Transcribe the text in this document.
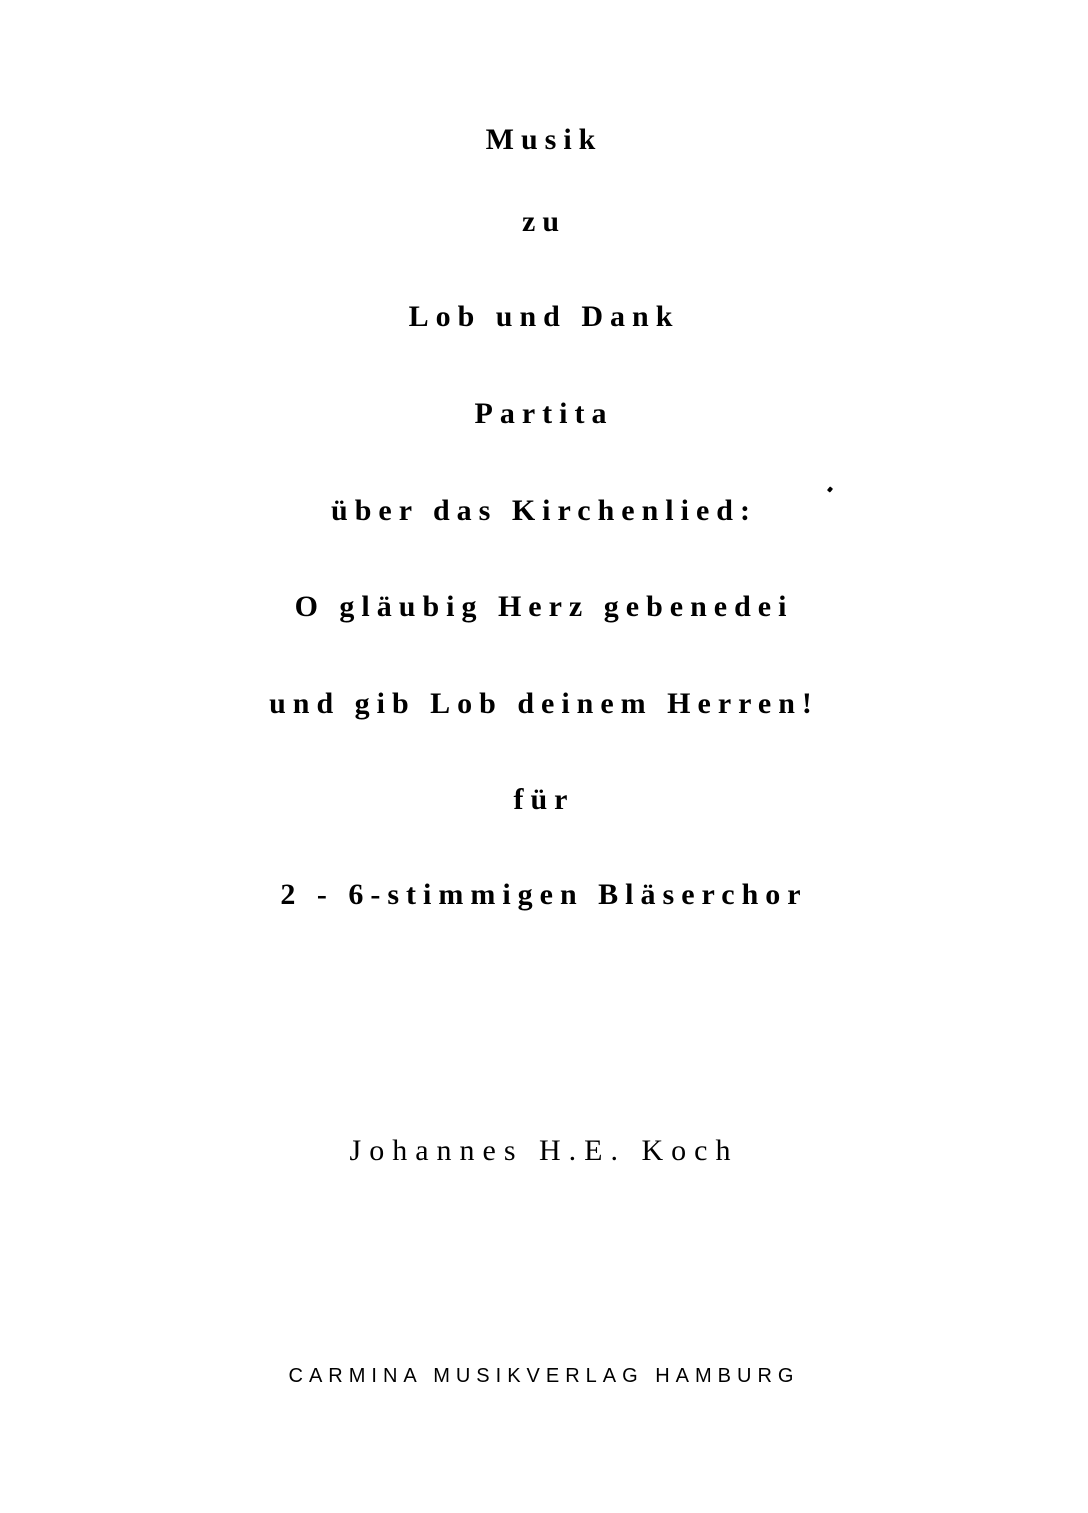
Musik
zu
Lob und Dank
Partita
über das Kirchenlied:
O gläubig Herz gebenedei
und gib Lob deinem Herren!
für
2 - 6-stimmigen Bläserchor
Johannes H.E. Koch
CARMINA MUSIKVERLAG HAMBURG
